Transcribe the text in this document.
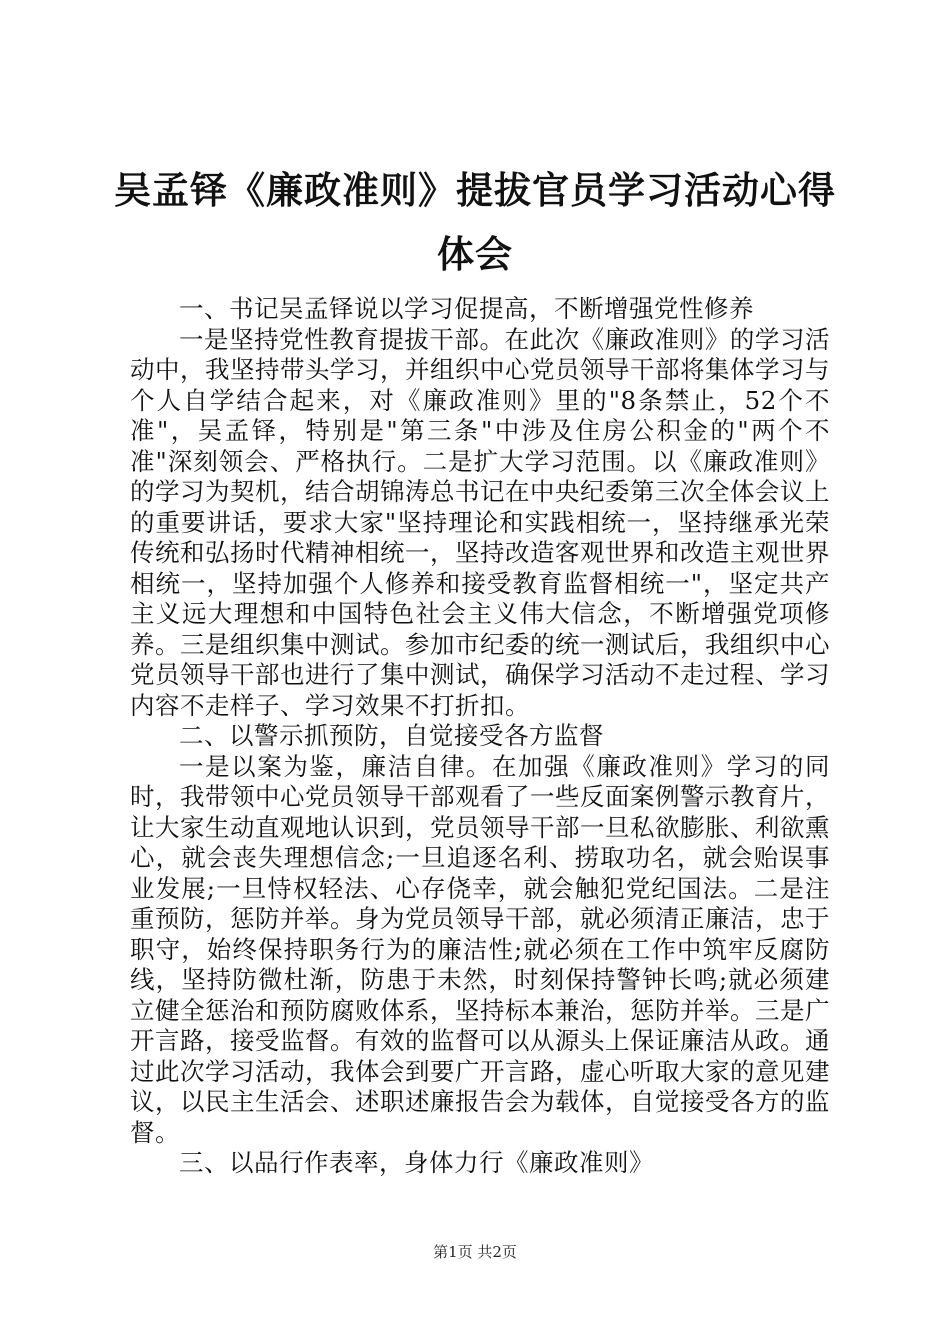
吴孟铎《廉政准则》提拔官员学习活动心得体会

一、书记吴孟铎说以学习促提高，不断增强党性修养

一是坚持党性教育提拔干部。在此次《廉政准则》的学习活动中，我坚持带头学习，并组织中心党员领导干部将集体学习与个人自学结合起来，对《廉政准则》里的"8条禁止，52个不准"，吴孟铎，特别是"第三条"中涉及住房公积金的"两个不准"深刻领会、严格执行。二是扩大学习范围。以《廉政准则》的学习为契机，结合胡锦涛总书记在中央纪委第三次全体会议上的重要讲话，要求大家"坚持理论和实践相统一，坚持继承光荣传统和弘扬时代精神相统一，坚持改造客观世界和改造主观世界相统一，坚持加强个人修养和接受教育监督相统一"，坚定共产主义远大理想和中国特色社会主义伟大信念，不断增强党项修养。三是组织集中测试。参加市纪委的统一测试后，我组织中心党员领导干部也进行了集中测试，确保学习活动不走过程、学习内容不走样子、学习效果不打折扣。

二、以警示抓预防，自觉接受各方监督

一是以案为鉴，廉洁自律。在加强《廉政准则》学习的同时，我带领中心党员领导干部观看了一些反面案例警示教育片，让大家生动直观地认识到，党员领导干部一旦私欲膨胀、利欲熏心，就会丧失理想信念;一旦追逐名利、捞取功名，就会贻误事业发展;一旦恃权轻法、心存侥幸，就会触犯党纪国法。二是注重预防，惩防并举。身为党员领导干部，就必须清正廉洁，忠于职守，始终保持职务行为的廉洁性;就必须在工作中筑牢反腐防线，坚持防微杜渐，防患于未然，时刻保持警钟长鸣;就必须建立健全惩治和预防腐败体系，坚持标本兼治，惩防并举。三是广开言路，接受监督。有效的监督可以从源头上保证廉洁从政。通过此次学习活动，我体会到要广开言路，虚心听取大家的意见建议，以民主生活会、述职述廉报告会为载体，自觉接受各方的监督。

三、以品行作表率，身体力行《廉政准则》

第1页 共2页
